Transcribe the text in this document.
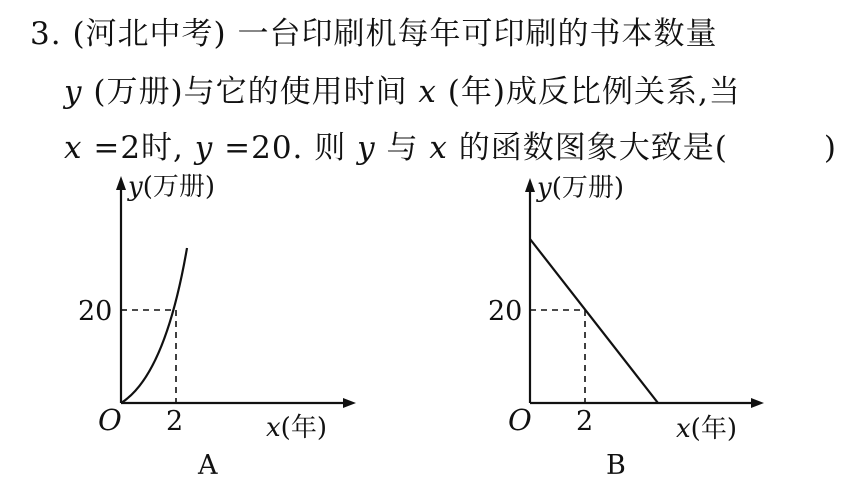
3. (河北中考) 一台印刷机每年可印刷的书本数量
y (万册)与它的使用时间 x (年)成反比例关系,当
x =2时, y =20. 则 y 与 x 的函数图象大致是(	)
y(万册)
x(年)
O 2
20
A
y(万册)
x(年)
O 2
20
B
